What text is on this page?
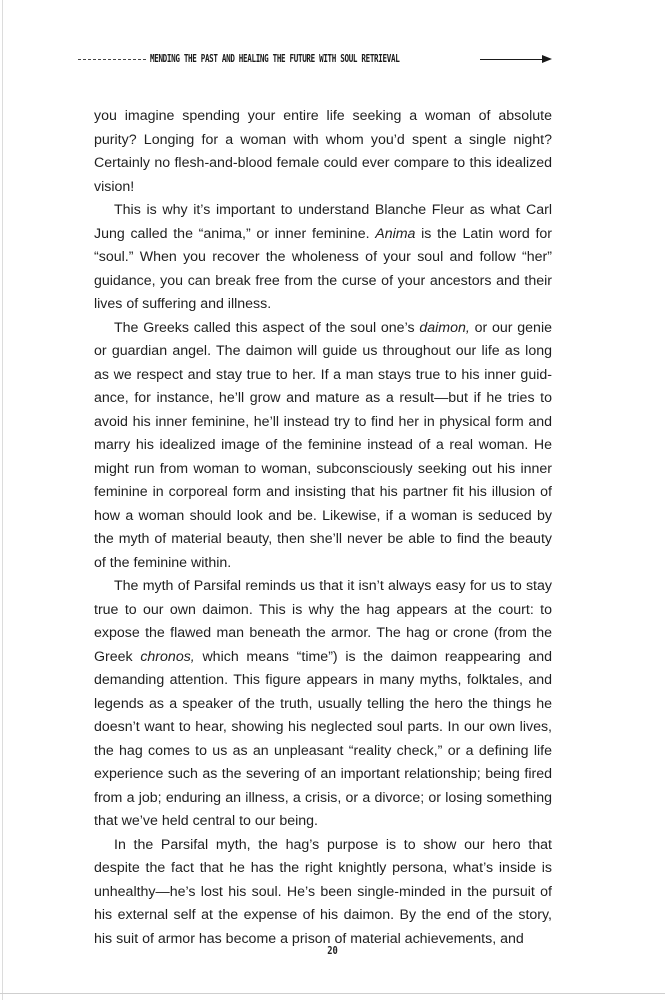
MENDING THE PAST AND HEALING THE FUTURE WITH SOUL RETRIEVAL

you imagine spending your entire life seeking a woman of absolute purity? Longing for a woman with whom you’d spent a single night? Certainly no flesh-and-blood female could ever compare to this idealized vision!

This is why it’s important to understand Blanche Fleur as what Carl Jung called the “anima,” or inner feminine. Anima is the Latin word for “soul.” When you recover the wholeness of your soul and follow “her” guidance, you can break free from the curse of your ancestors and their lives of suffering and illness.

The Greeks called this aspect of the soul one’s daimon, or our genie or guardian angel. The daimon will guide us throughout our life as long as we respect and stay true to her. If a man stays true to his inner guidance, for instance, he’ll grow and mature as a result—but if he tries to avoid his inner feminine, he’ll instead try to find her in physical form and marry his idealized image of the feminine instead of a real woman. He might run from woman to woman, subconsciously seeking out his inner feminine in corporeal form and insisting that his partner fit his illusion of how a woman should look and be. Likewise, if a woman is seduced by the myth of material beauty, then she’ll never be able to find the beauty of the feminine within.

The myth of Parsifal reminds us that it isn’t always easy for us to stay true to our own daimon. This is why the hag appears at the court: to expose the flawed man beneath the armor. The hag or crone (from the Greek chronos, which means “time”) is the daimon reappearing and demanding attention. This figure appears in many myths, folktales, and legends as a speaker of the truth, usually telling the hero the things he doesn’t want to hear, showing his neglected soul parts. In our own lives, the hag comes to us as an unpleasant “reality check,” or a defining life experience such as the severing of an important relationship; being fired from a job; enduring an illness, a crisis, or a divorce; or losing something that we’ve held central to our being.

In the Parsifal myth, the hag’s purpose is to show our hero that despite the fact that he has the right knightly persona, what’s inside is unhealthy—he’s lost his soul. He’s been single-minded in the pursuit of his external self at the expense of his daimon. By the end of the story, his suit of armor has become a prison of material achievements, and

20
